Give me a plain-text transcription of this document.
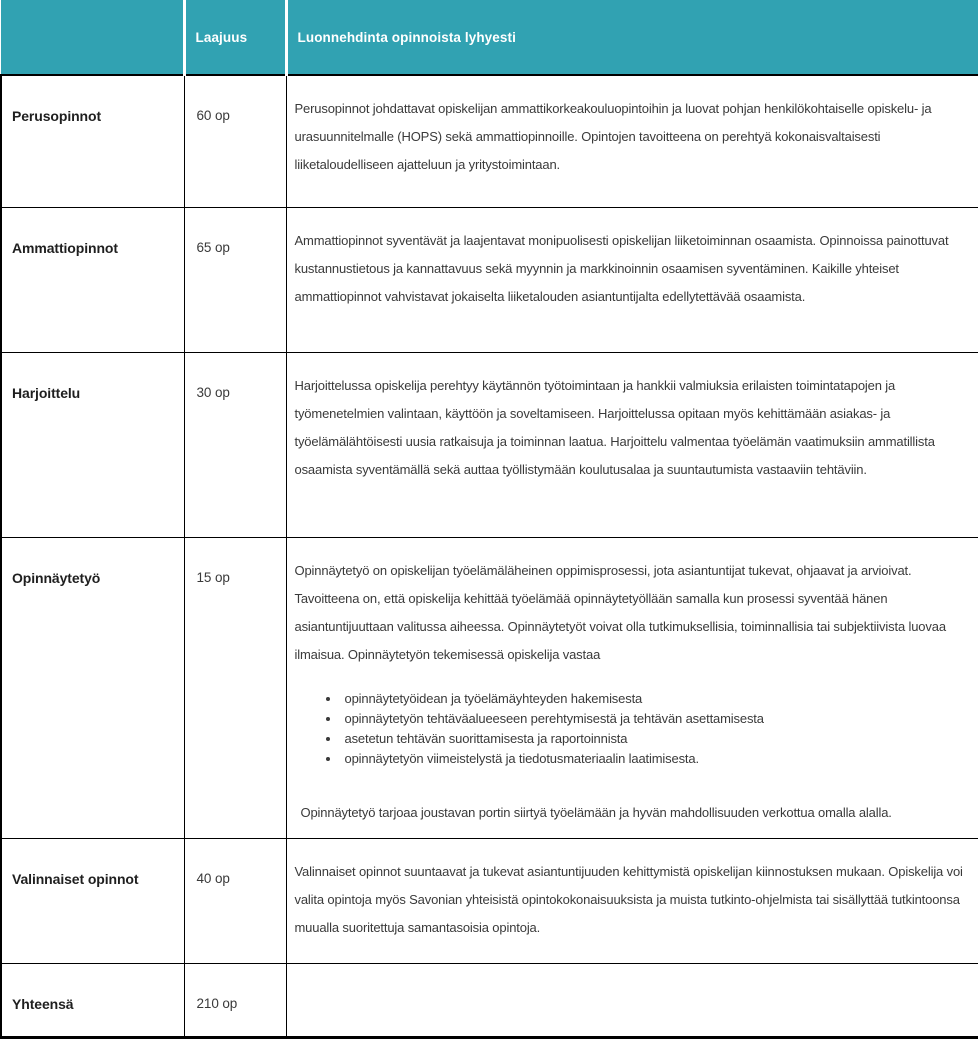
	Laajuus	Luonnehdinta opinnoista lyhyesti
Perusopinnot	60 op	Perusopinnot johdattavat opiskelijan ammattikorkeakouluopintoihin ja luovat pohjan henkilökohtaiselle opiskelu- ja urasuunnitelmalle (HOPS) sekä ammattiopinnoille. Opintojen tavoitteena on perehtyä kokonaisvaltaisesti liiketaloudelliseen ajatteluun ja yritystoimintaan.

Ammattiopinnot	65 op	Ammattiopinnot syventävät ja laajentavat monipuolisesti opiskelijan liiketoiminnan osaamista. Opinnoissa painottuvat kustannustietous ja kannattavuus sekä myynnin ja markkinoinnin osaamisen syventäminen. Kaikille yhteiset ammattiopinnot vahvistavat jokaiselta liiketalouden asiantuntijalta edellytettävää osaamista.

Harjoittelu	30 op	Harjoittelussa opiskelija perehtyy käytännön työtoimintaan ja hankkii valmiuksia erilaisten toimintatapojen ja työmenetelmien valintaan, käyttöön ja soveltamiseen. Harjoittelussa opitaan myös kehittämään asiakas- ja työelämälähtöisesti uusia ratkaisuja ja toiminnan laatua. Harjoittelu valmentaa työelämän vaatimuksiin ammatillista osaamista syventämällä sekä auttaa työllistymään koulutusalaa ja suuntautumista vastaaviin tehtäviin.

Opinnäytetyö	15 op	Opinnäytetyö on opiskelijan työelämäläheinen oppimisprosessi, jota asiantuntijat tukevat, ohjaavat ja arvioivat. Tavoitteena on, että opiskelija kehittää työelämää opinnäytetyöllään samalla kun prosessi syventää hänen asiantuntijuuttaan valitussa aiheessa. Opinnäytetyöt voivat olla tutkimuksellisia, toiminnallisia tai subjektiivista luovaa ilmaisua. Opinnäytetyön tekemisessä opiskelija vastaa

• opinnäytetyöidean ja työelämäyhteyden hakemisesta
• opinnäytetyön tehtäväalueeseen perehtymisestä ja tehtävän asettamisesta
• asetetun tehtävän suorittamisesta ja raportoinnista
• opinnäytetyön viimeistelystä ja tiedotusmateriaalin laatimisesta.

Opinnäytetyö tarjoaa joustavan portin siirtyä työelämään ja hyvän mahdollisuuden verkottua omalla alalla.

Valinnaiset opinnot	40 op	Valinnaiset opinnot suuntaavat ja tukevat asiantuntijuuden kehittymistä opiskelijan kiinnostuksen mukaan. Opiskelija voi valita opintoja myös Savonian yhteisistä opintokokonaisuuksista ja muista tutkinto-ohjelmista tai sisällyttää tutkintoonsa muualla suoritettuja samantasoisia opintoja.

Yhteensä	210 op	
